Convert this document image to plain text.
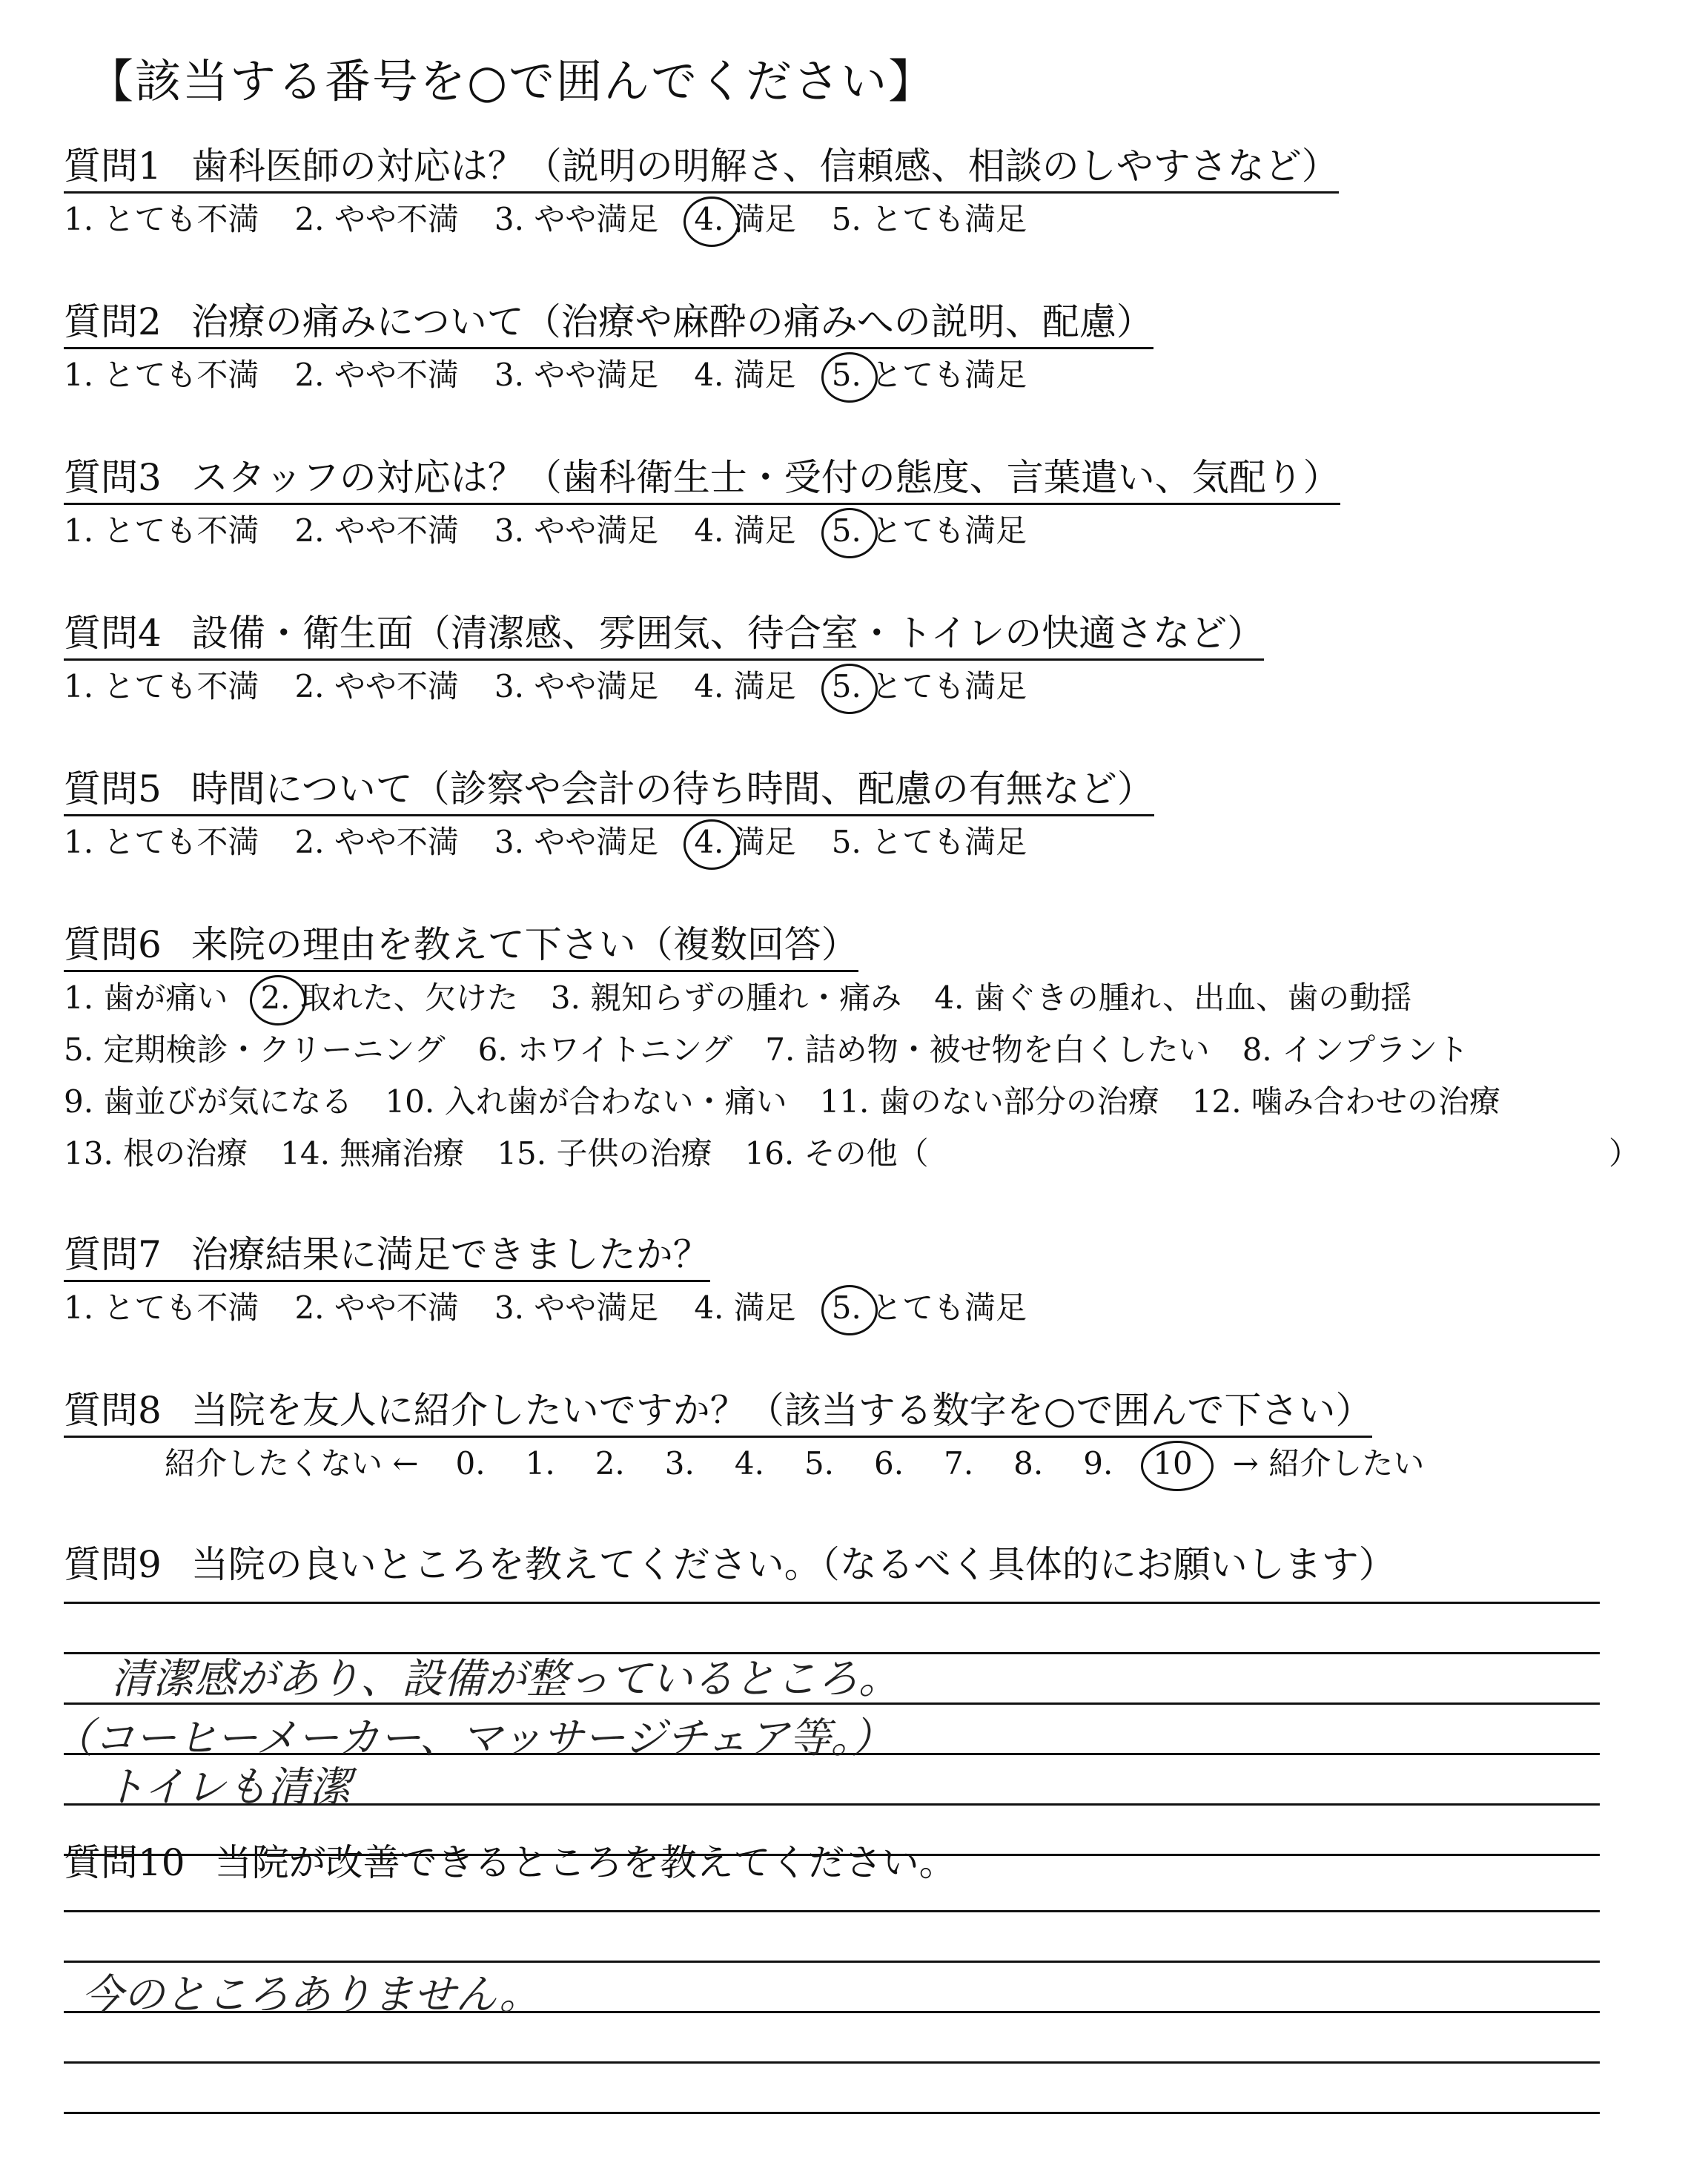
【該当する番号を○で囲んでください】
質問1 歯科医師の対応は？（説明の明解さ、信頼感、相談のしやすさなど）
1. とても不満 2. やや不満 3. やや満足 4. 満足 5. とても満足
質問2 治療の痛みについて（治療や麻酔の痛みへの説明、配慮）
1. とても不満 2. やや不満 3. やや満足 4. 満足 5. とても満足
質問3 スタッフの対応は？（歯科衛生士・受付の態度、言葉遣い、気配り）
1. とても不満 2. やや不満 3. やや満足 4. 満足 5. とても満足
質問4 設備・衛生面（清潔感、雰囲気、待合室・トイレの快適さなど）
1. とても不満 2. やや不満 3. やや満足 4. 満足 5. とても満足
質問5 時間について（診察や会計の待ち時間、配慮の有無など）
1. とても不満 2. やや不満 3. やや満足 4. 満足 5. とても満足
質問6 来院の理由を教えて下さい（複数回答）
1. 歯が痛い 2. 取れた、欠けた 3. 親知らずの腫れ・痛み 4. 歯ぐきの腫れ、出血、歯の動揺
5. 定期検診・クリーニング 6. ホワイトニング 7. 詰め物・被せ物を白くしたい 8. インプラント
9. 歯並びが気になる 10. 入れ歯が合わない・痛い 11. 歯のない部分の治療 12. 噛み合わせの治療
13. 根の治療 14. 無痛治療 15. 子供の治療 16. その他（	）
質問7 治療結果に満足できましたか？
1. とても不満 2. やや不満 3. やや満足 4. 満足 5. とても満足
質問8 当院を友人に紹介したいですか？（該当する数字を○で囲んで下さい）
紹介したくない ← 0. 1. 2. 3. 4. 5. 6. 7. 8. 9. 10 → 紹介したい
質問9 当院の良いところを教えてください。（なるべく具体的にお願いします）
清潔感があり、設備が整っているところ。
（コーヒーメーカー、マッサージチェア等。）
トイレも清潔
質問10 当院が改善できるところを教えてください。
今のところありません。
